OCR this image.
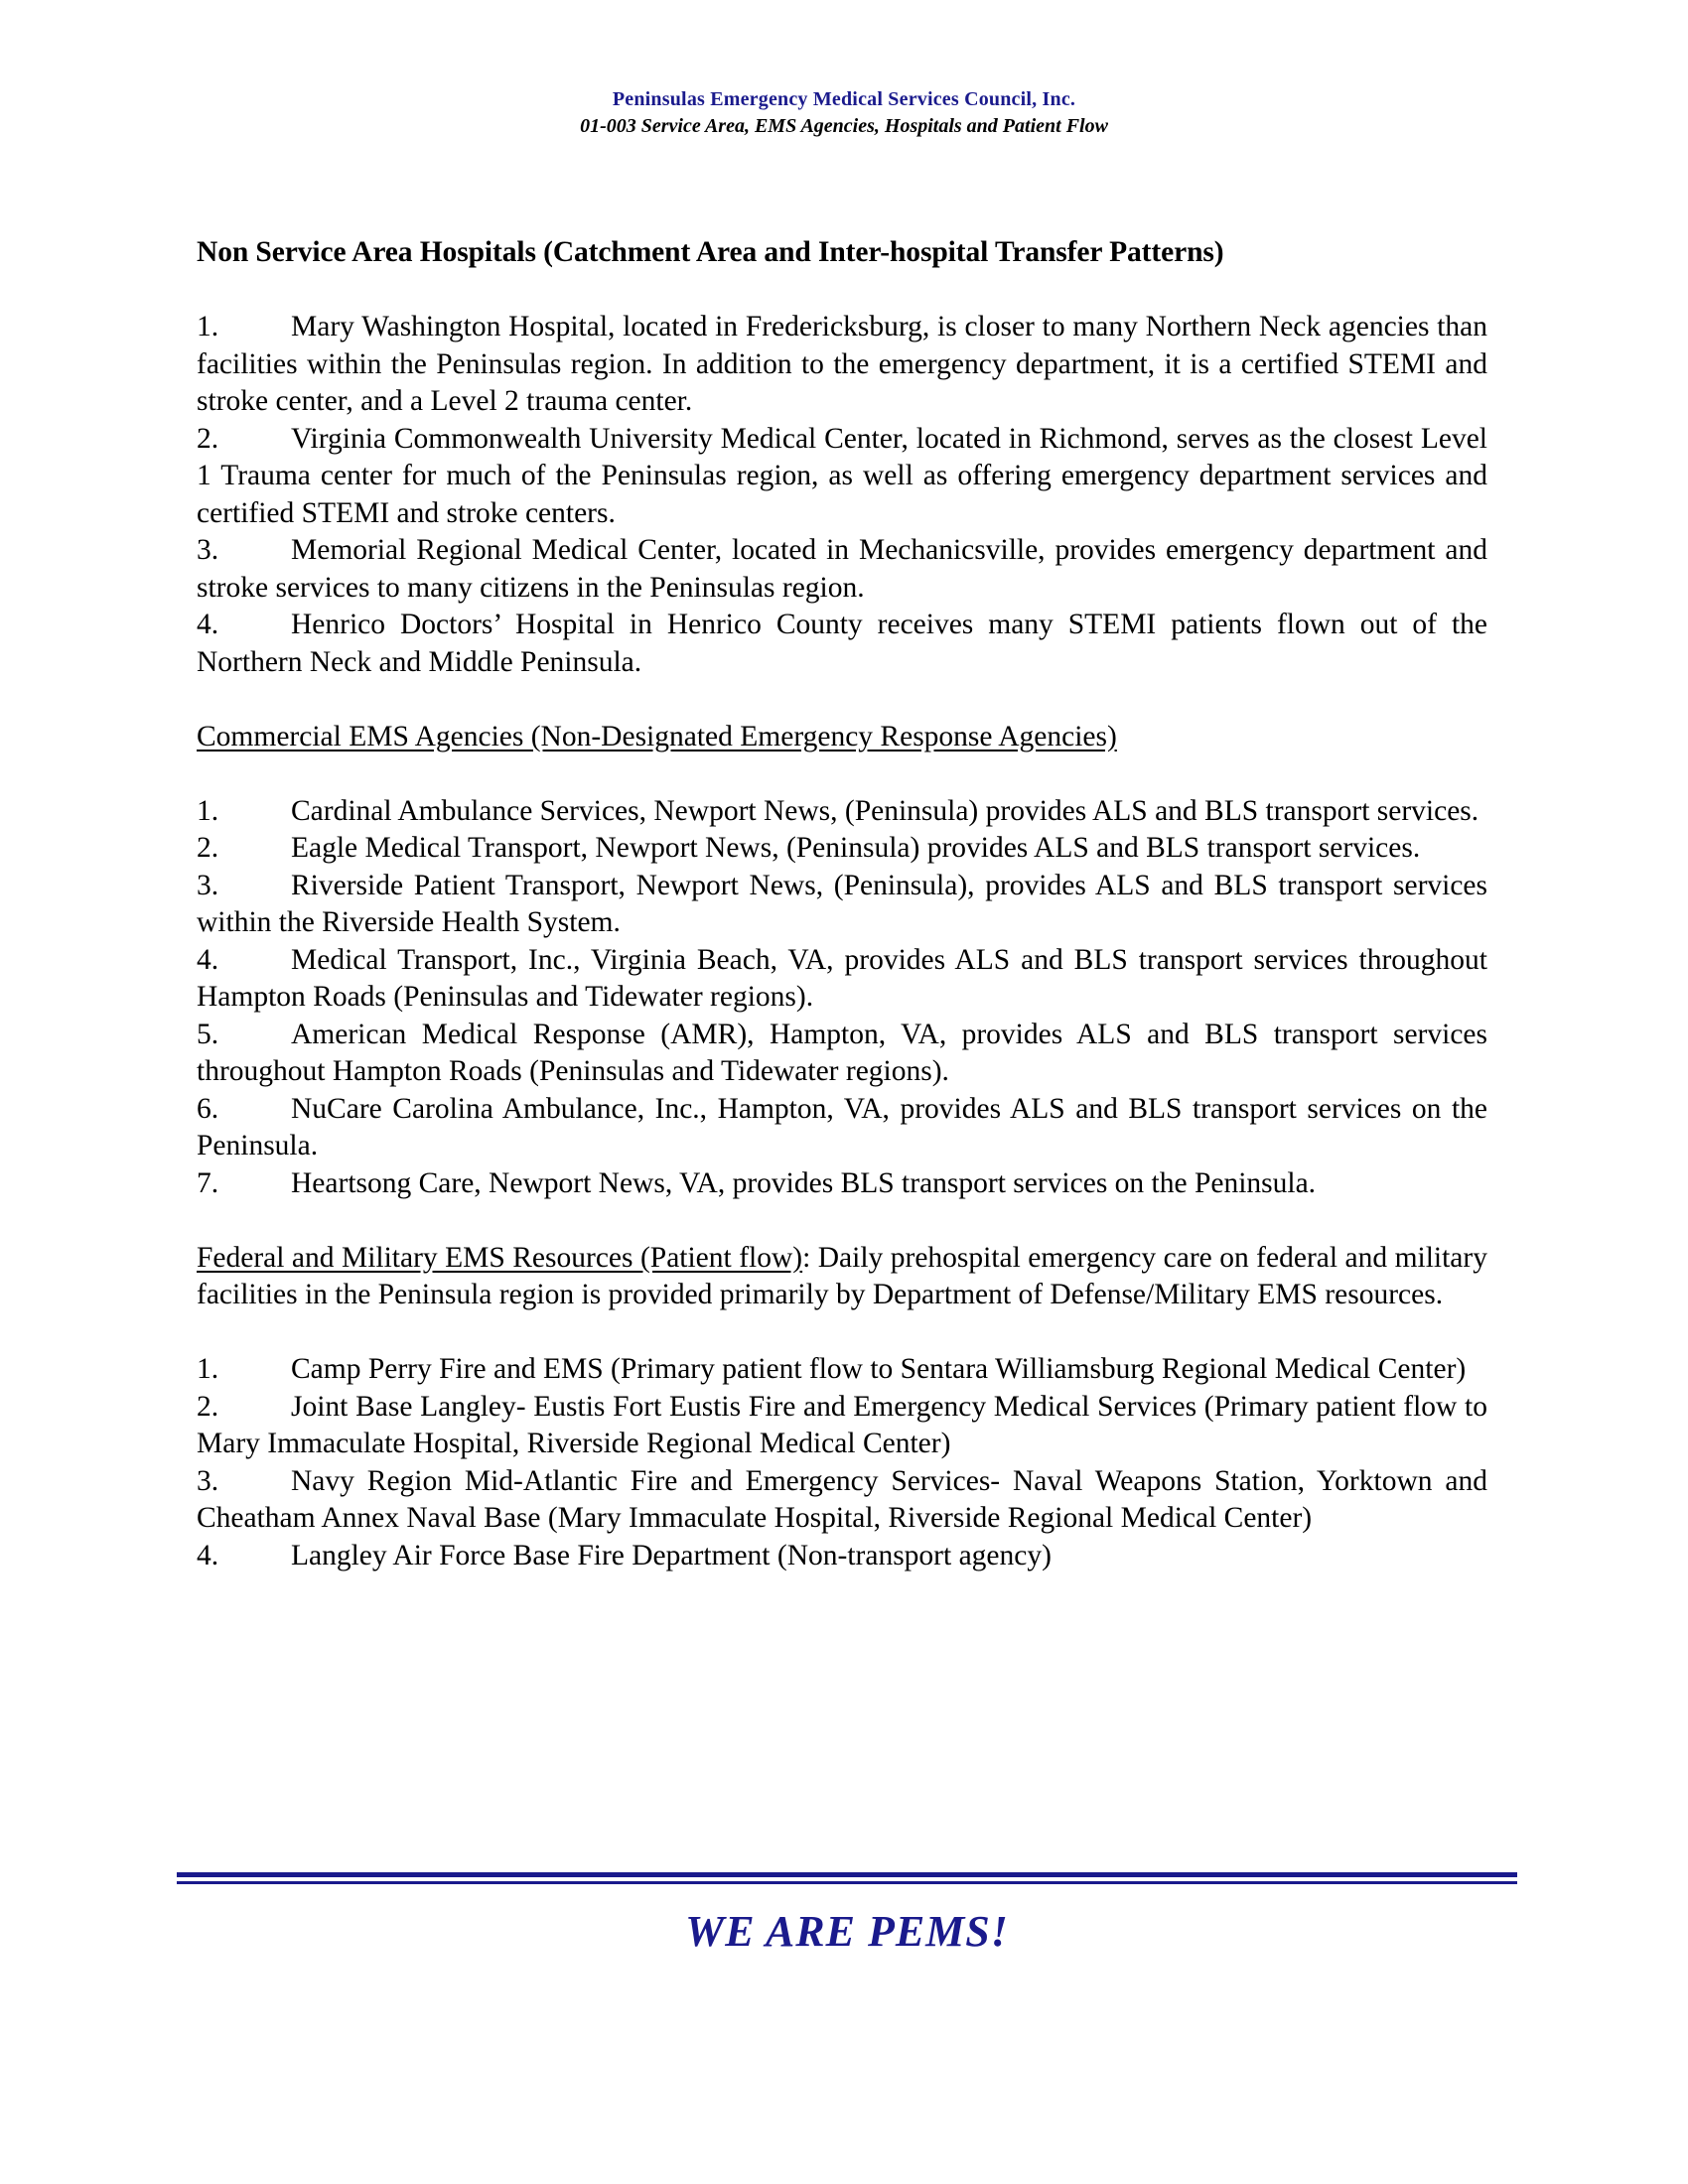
Peninsulas Emergency Medical Services Council, Inc.
01-003 Service Area, EMS Agencies, Hospitals and Patient Flow
Non Service Area Hospitals (Catchment Area and Inter-hospital Transfer Patterns)

1. Mary Washington Hospital, located in Fredericksburg, is closer to many Northern Neck agencies than facilities within the Peninsulas region. In addition to the emergency department, it is a certified STEMI and stroke center, and a Level 2 trauma center.

2. Virginia Commonwealth University Medical Center, located in Richmond, serves as the closest Level 1 Trauma center for much of the Peninsulas region, as well as offering emergency department services and certified STEMI and stroke centers.

3. Memorial Regional Medical Center, located in Mechanicsville, provides emergency department and stroke services to many citizens in the Peninsulas region.

4. Henrico Doctors’ Hospital in Henrico County receives many STEMI patients flown out of the Northern Neck and Middle Peninsula.

Commercial EMS Agencies (Non-Designated Emergency Response Agencies)

1. Cardinal Ambulance Services, Newport News, (Peninsula) provides ALS and BLS transport services.

2. Eagle Medical Transport, Newport News, (Peninsula) provides ALS and BLS transport services.

3. Riverside Patient Transport, Newport News, (Peninsula), provides ALS and BLS transport services within the Riverside Health System.

4. Medical Transport, Inc., Virginia Beach, VA, provides ALS and BLS transport services throughout Hampton Roads (Peninsulas and Tidewater regions).

5. American Medical Response (AMR), Hampton, VA, provides ALS and BLS transport services throughout Hampton Roads (Peninsulas and Tidewater regions).

6. NuCare Carolina Ambulance, Inc., Hampton, VA, provides ALS and BLS transport services on the Peninsula.

7. Heartsong Care, Newport News, VA, provides BLS transport services on the Peninsula.

Federal and Military EMS Resources (Patient flow): Daily prehospital emergency care on federal and military facilities in the Peninsula region is provided primarily by Department of Defense/Military EMS resources.

1. Camp Perry Fire and EMS (Primary patient flow to Sentara Williamsburg Regional Medical Center)

2. Joint Base Langley- Eustis Fort Eustis Fire and Emergency Medical Services (Primary patient flow to Mary Immaculate Hospital, Riverside Regional Medical Center)

3. Navy Region Mid-Atlantic Fire and Emergency Services- Naval Weapons Station, Yorktown and Cheatham Annex Naval Base (Mary Immaculate Hospital, Riverside Regional Medical Center)

4. Langley Air Force Base Fire Department (Non-transport agency)

WE ARE PEMS!
